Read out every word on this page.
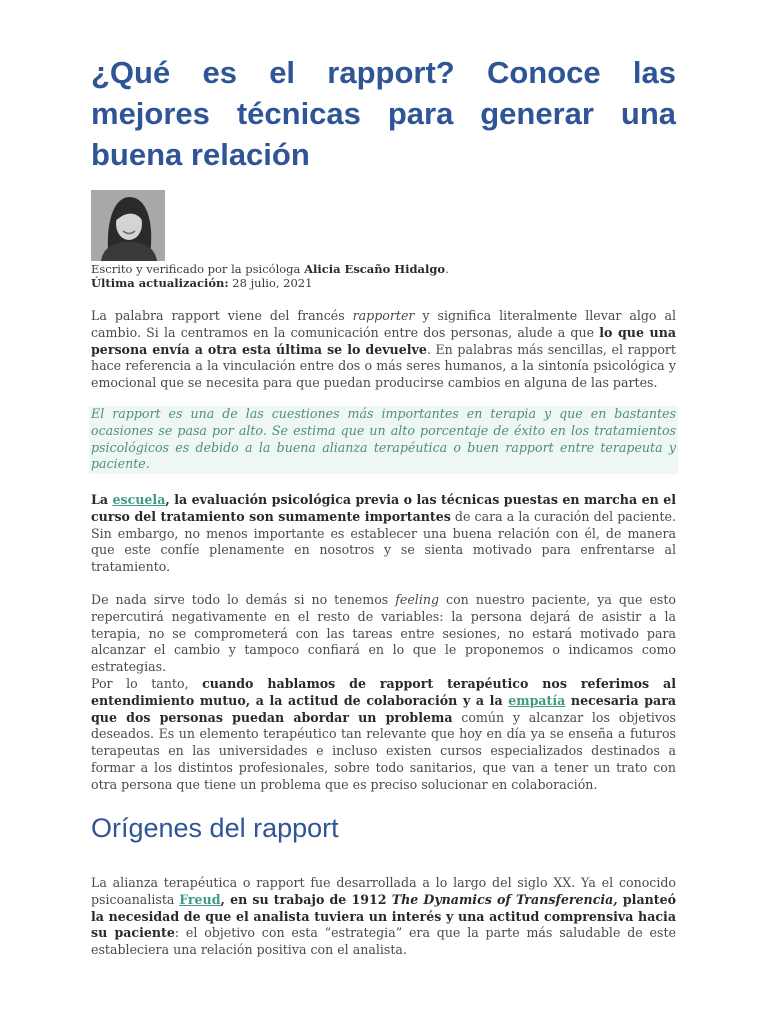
¿Qué es el rapport? Conoce las mejores técnicas para generar una buena relación
Escrito y verificado por la psicóloga Alicia Escaño Hidalgo.
Última actualización: 28 julio, 2021

La palabra rapport viene del francés rapporter y significa literalmente llevar algo al cambio. Si la centramos en la comunicación entre dos personas, alude a que lo que una persona envía a otra esta última se lo devuelve. En palabras más sencillas, el rapport hace referencia a la vinculación entre dos o más seres humanos, a la sintonía psicológica y emocional que se necesita para que puedan producirse cambios en alguna de las partes.

El rapport es una de las cuestiones más importantes en terapia y que en bastantes ocasiones se pasa por alto. Se estima que un alto porcentaje de éxito en los tratamientos psicológicos es debido a la buena alianza terapéutica o buen rapport entre terapeuta y paciente.

La escuela, la evaluación psicológica previa o las técnicas puestas en marcha en el curso del tratamiento son sumamente importantes de cara a la curación del paciente. Sin embargo, no menos importante es establecer una buena relación con él, de manera que este confíe plenamente en nosotros y se sienta motivado para enfrentarse al tratamiento.

De nada sirve todo lo demás si no tenemos feeling con nuestro paciente, ya que esto repercutirá negativamente en el resto de variables: la persona dejará de asistir a la terapia, no se comprometerá con las tareas entre sesiones, no estará motivado para alcanzar el cambio y tampoco confiará en lo que le proponemos o indicamos como estrategias.

Por lo tanto, cuando hablamos de rapport terapéutico nos referimos al entendimiento mutuo, a la actitud de colaboración y a la empatía necesaria para que dos personas puedan abordar un problema común y alcanzar los objetivos deseados. Es un elemento terapéutico tan relevante que hoy en día ya se enseña a futuros terapeutas en las universidades e incluso existen cursos especializados destinados a formar a los distintos profesionales, sobre todo sanitarios, que van a tener un trato con otra persona que tiene un problema que es preciso solucionar en colaboración.

Orígenes del rapport

La alianza terapéutica o rapport fue desarrollada a lo largo del siglo XX. Ya el conocido psicoanalista Freud, en su trabajo de 1912 The Dynamics of Transferencia, planteó la necesidad de que el analista tuviera un interés y una actitud comprensiva hacia su paciente: el objetivo con esta “estrategia” era que la parte más saludable de este estableciera una relación positiva con el analista.
